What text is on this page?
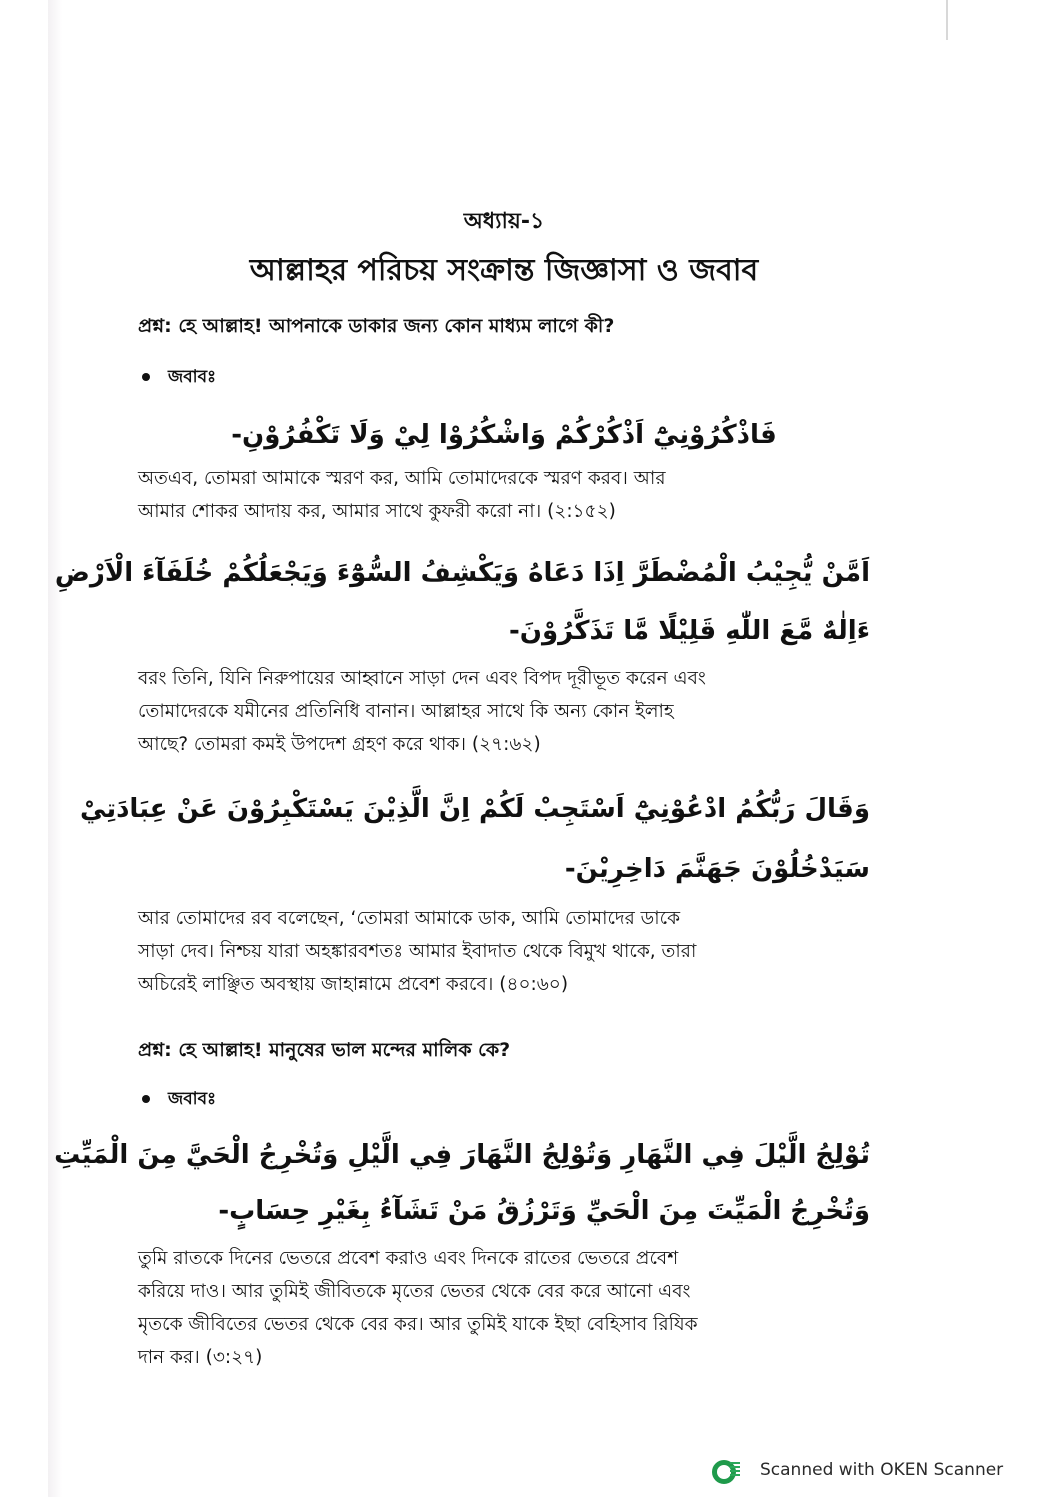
অধ্যায়-১
আল্লাহর পরিচয় সংক্রান্ত জিজ্ঞাসা ও জবাব
প্রশ্ন: হে আল্লাহ! আপনাকে ডাকার জন্য কোন মাধ্যম লাগে কী?
জবাবঃ
فَاذْكُرُوْنِيْٓ اَذْكُرْكُمْ وَاشْكُرُوْا لِيْ وَلَا تَكْفُرُوْنِ-
অতএব, তোমরা আমাকে স্মরণ কর, আমি তোমাদেরকে স্মরণ করব। আর
আমার শোকর আদায় কর, আমার সাথে কুফরী করো না। (২:১৫২)
اَمَّنْ يُّجِيْبُ الْمُضْطَرَّ اِذَا دَعَاهُ وَيَكْشِفُ السُّوْٓءَ وَيَجْعَلُكُمْ خُلَفَآءَ الْاَرْضِ
ءَاِلٰهٌ مَّعَ اللّٰهِ قَلِيْلًا مَّا تَذَكَّرُوْنَ-
বরং তিনি, যিনি নিরুপায়ের আহ্বানে সাড়া দেন এবং বিপদ দূরীভূত করেন এবং
তোমাদেরকে যমীনের প্রতিনিধি বানান। আল্লাহর সাথে কি অন্য কোন ইলাহ
আছে? তোমরা কমই উপদেশ গ্রহণ করে থাক। (২৭:৬২)
وَقَالَ رَبُّكُمُ ادْعُوْنِيْٓ اَسْتَجِبْ لَكُمْ اِنَّ الَّذِيْنَ يَسْتَكْبِرُوْنَ عَنْ عِبَادَتِيْ
سَيَدْخُلُوْنَ جَهَنَّمَ دَاخِرِيْنَ-
আর তোমাদের রব বলেছেন, ‘তোমরা আমাকে ডাক, আমি তোমাদের ডাকে
সাড়া দেব। নিশ্চয় যারা অহঙ্কারবশতঃ আমার ইবাদাত থেকে বিমুখ থাকে, তারা
অচিরেই লাঞ্ছিত অবস্থায় জাহান্নামে প্রবেশ করবে। (৪০:৬০)
প্রশ্ন: হে আল্লাহ! মানুষের ভাল মন্দের মালিক কে?
জবাবঃ
تُوْلِجُ الَّيْلَ فِي النَّهَارِ وَتُوْلِجُ النَّهَارَ فِي الَّيْلِ وَتُخْرِجُ الْحَيَّ مِنَ الْمَيِّتِ
وَتُخْرِجُ الْمَيِّتَ مِنَ الْحَيِّ وَتَرْزُقُ مَنْ تَشَآءُ بِغَيْرِ حِسَابٍ-
তুমি রাতকে দিনের ভেতরে প্রবেশ করাও এবং দিনকে রাতের ভেতরে প্রবেশ
করিয়ে দাও। আর তুমিই জীবিতকে মৃতের ভেতর থেকে বের করে আনো এবং
মৃতকে জীবিতের ভেতর থেকে বের কর। আর তুমিই যাকে ইছা বেহিসাব রিযিক
দান কর। (৩:২৭)
Scanned with OKEN Scanner
